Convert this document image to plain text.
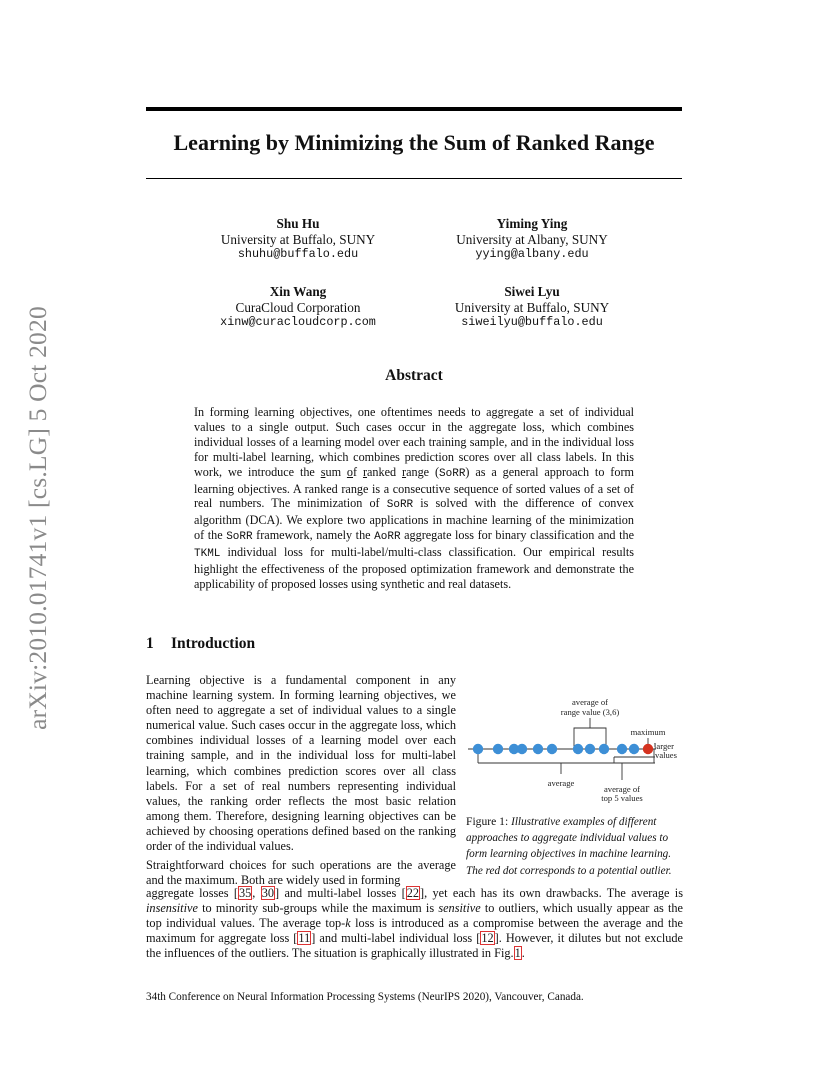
arXiv:2010.01741v1 [cs.LG] 5 Oct 2020
Learning by Minimizing the Sum of Ranked Range
Shu Hu
University at Buffalo, SUNY
shuhu@buffalo.edu
Yiming Ying
University at Albany, SUNY
yying@albany.edu
Xin Wang
CuraCloud Corporation
xinw@curacloudcorp.com
Siwei Lyu
University at Buffalo, SUNY
siweilyu@buffalo.edu
Abstract
In forming learning objectives, one oftentimes needs to aggregate a set of individual values to a single output. Such cases occur in the aggregate loss, which combines individual losses of a learning model over each training sample, and in the individual loss for multi-label learning, which combines prediction scores over all class labels. In this work, we introduce the sum of ranked range (SoRR) as a general approach to form learning objectives. A ranked range is a consecutive sequence of sorted values of a set of real numbers. The minimization of SoRR is solved with the difference of convex algorithm (DCA). We explore two applications in machine learning of the minimization of the SoRR framework, namely the AoRR aggregate loss for binary classification and the TKML individual loss for multi-label/multi-class classification. Our empirical results highlight the effectiveness of the proposed optimization framework and demonstrate the applicability of proposed losses using synthetic and real datasets.
1 Introduction

Learning objective is a fundamental component in any machine learning system. In forming learning objectives, we often need to aggregate a set of individual values to a single numerical value. Such cases occur in the aggregate loss, which combines individual losses of a learning model over each training sample, and in the individual loss for multi-label learning, which combines prediction scores over all class labels. For a set of real numbers representing individual values, the ranking order reflects the most basic relation among them. Therefore, designing learning objectives can be achieved by choosing operations defined based on the ranking order of the individual values.

Straightforward choices for such operations are the average and the maximum. Both are widely used in forming

aggregate losses [35, 30] and multi-label losses [22], yet each has its own drawbacks. The average is insensitive to minority sub-groups while the maximum is sensitive to outliers, which usually appear as the top individual values. The average top-k loss is introduced as a compromise between the average and the maximum for aggregate loss [11] and multi-label individual loss [12]. However, it dilutes but not exclude the influences of the outliers. The situation is graphically illustrated in Fig.1.
average of
range value (3,6)
maximum
larger
values
average
average of
top 5 values
Figure 1: Illustrative examples of different approaches to aggregate individual values to form learning objectives in machine learning. The red dot corresponds to a potential outlier.
34th Conference on Neural Information Processing Systems (NeurIPS 2020), Vancouver, Canada.
